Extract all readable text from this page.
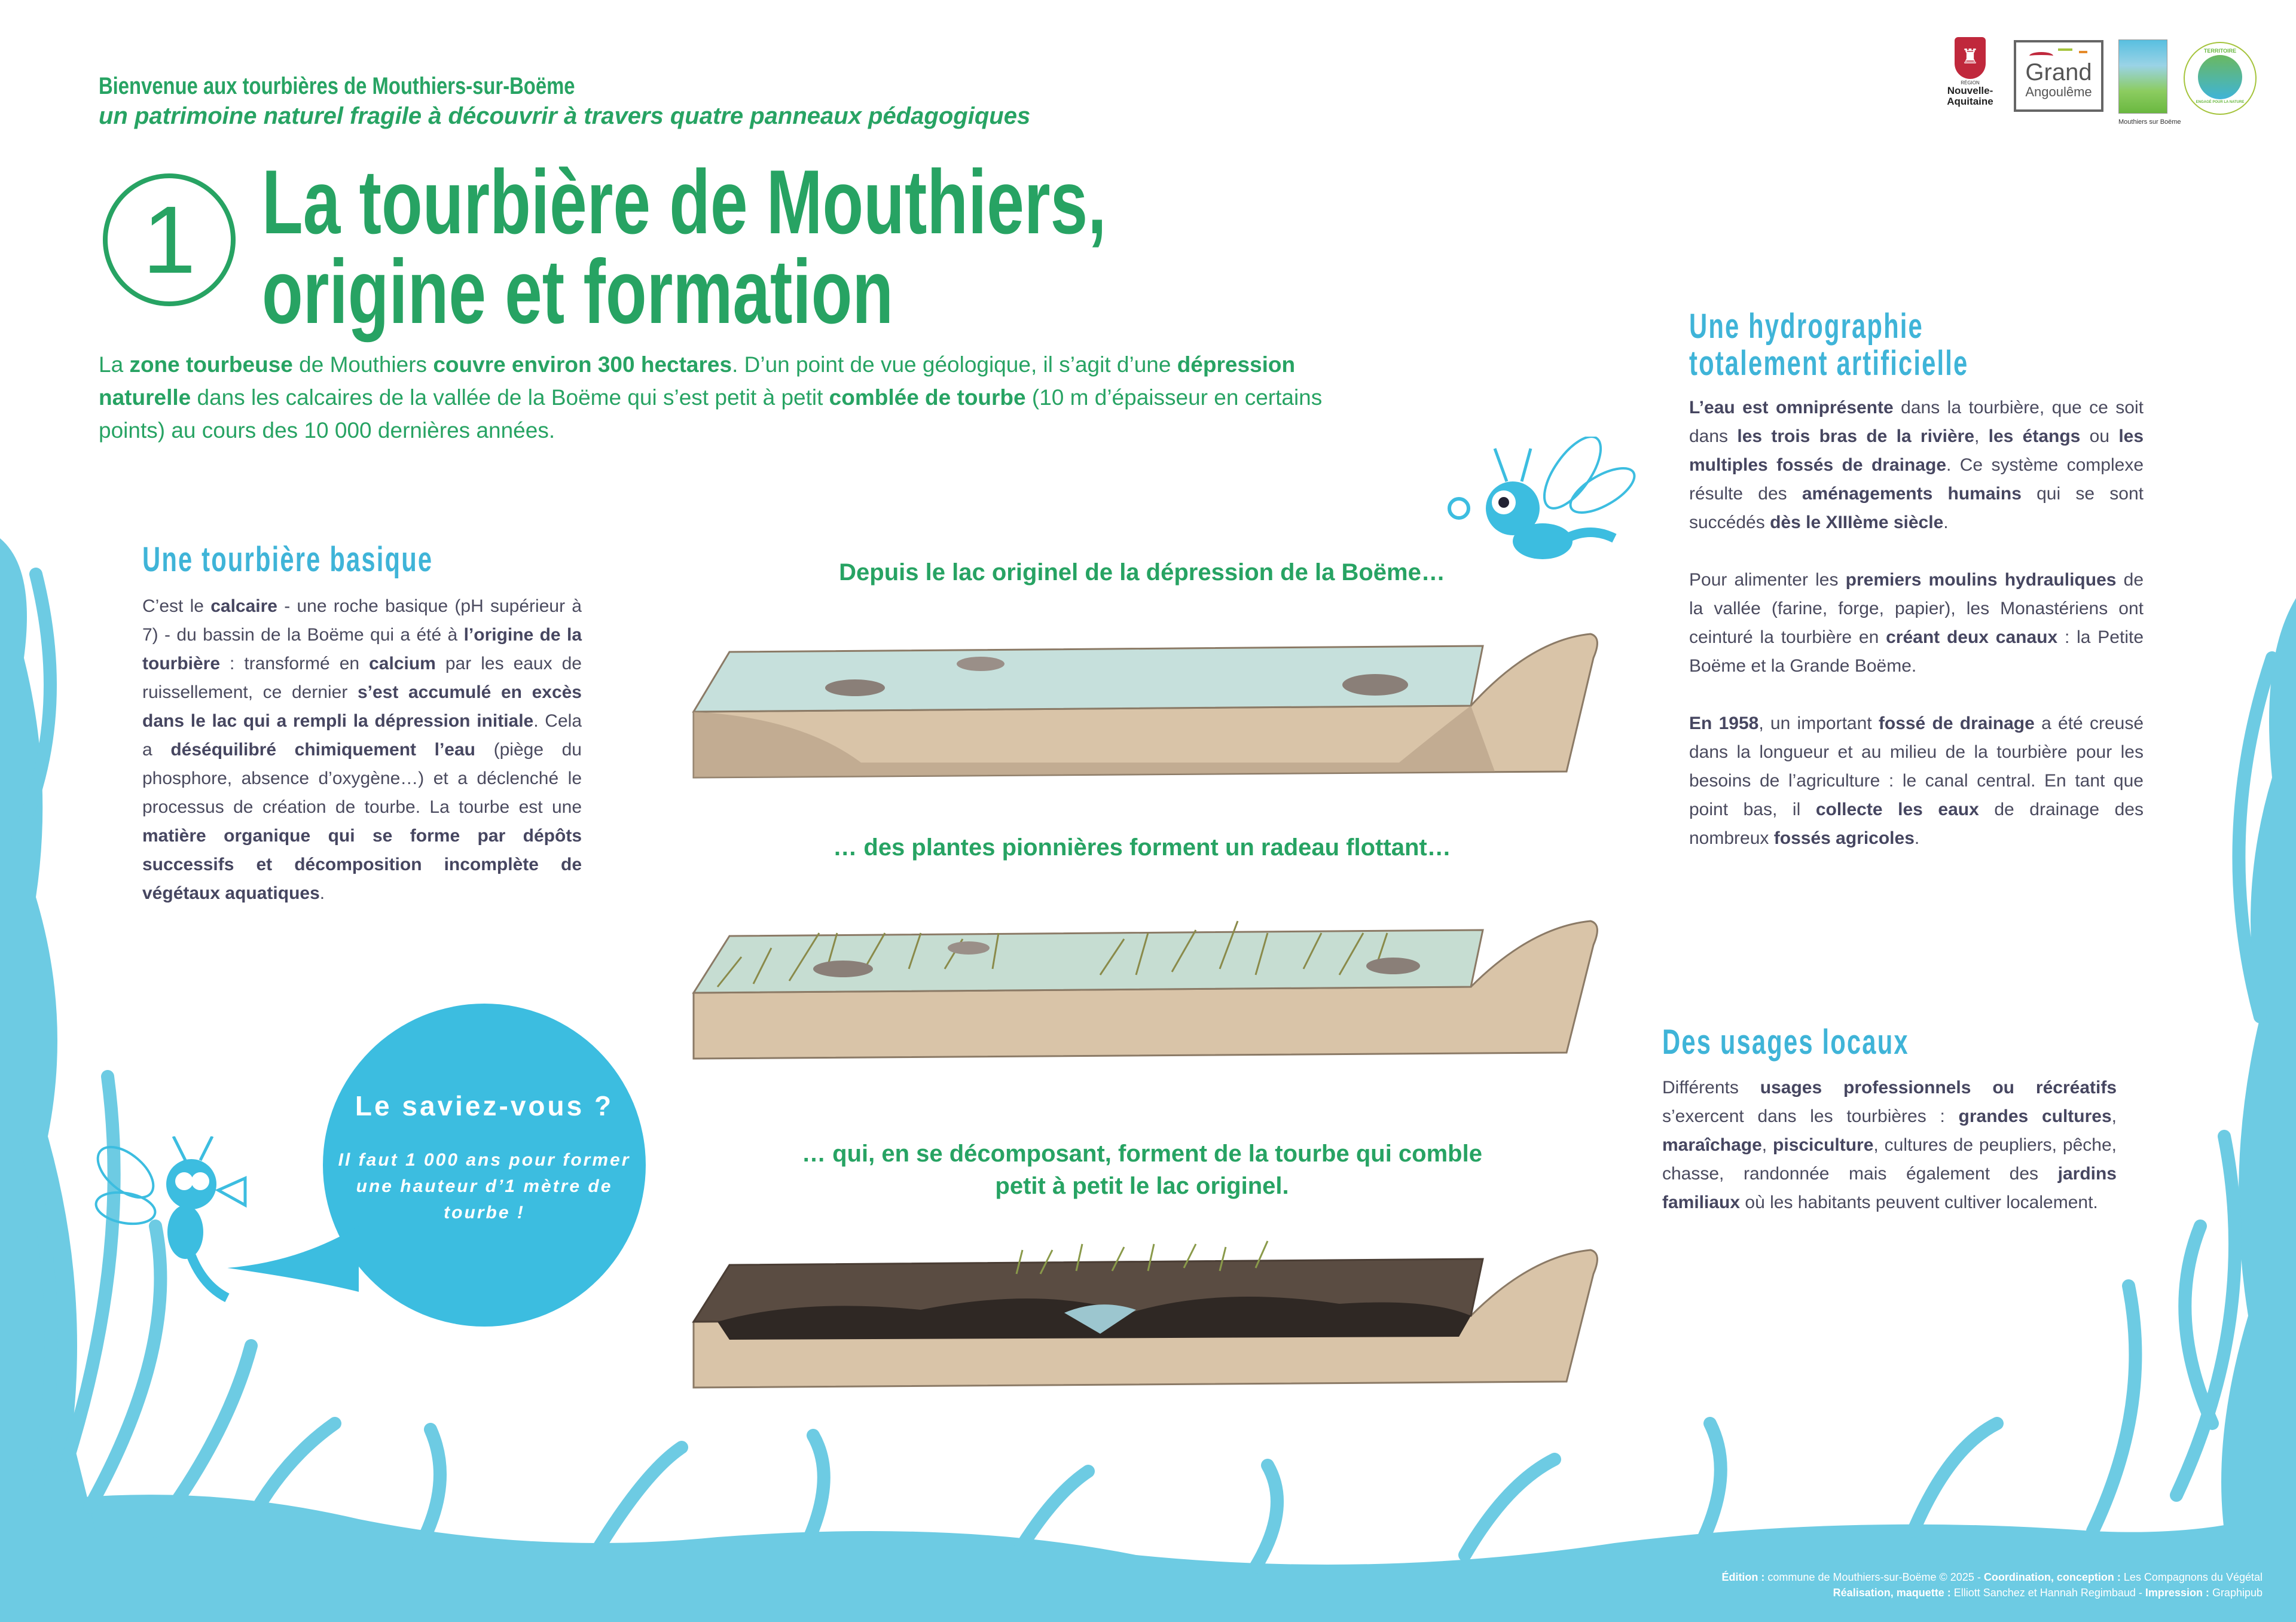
♜
RÉGION
Nouvelle-
Aquitaine
Grand
Angoulême
Mouthiers sur Boëme
TERRITOIRE
ENGAGÉ POUR LA NATURE
Bienvenue aux tourbières de Mouthiers-sur-Boëme
un patrimoine naturel fragile à découvrir à travers quatre panneaux pédagogiques
1 La tourbière de Mouthiers,
origine et formation
La zone tourbeuse de Mouthiers couvre environ 300 hectares. D’un point de vue géologique, il s’agit d’une dépression naturelle dans les calcaires de la vallée de la Boëme qui s’est petit à petit comblée de tourbe (10 m d’épaisseur en certains points) au cours des 10 000 dernières années.
Une tourbière basique
C’est le calcaire - une roche basique (pH supérieur à 7) - du bassin de la Boëme qui a été à l’origine de la tourbière : transformé en calcium par les eaux de ruissellement, ce dernier s’est accumulé en excès dans le lac qui a rempli la dépression initiale. Cela a déséquilibré chimiquement l’eau (piège du phosphore, absence d’oxygène…) et a déclenché le processus de création de tourbe. La tourbe est une matière organique qui se forme par dépôts successifs et décomposition incomplète de végétaux aquatiques.
Depuis le lac originel de la dépression de la Boëme…
… des plantes pionnières forment un radeau flottant…
… qui, en se décomposant, forment de la tourbe qui comble
petit à petit le lac originel.
Le saviez-vous ?
Il faut 1 000 ans pour former une hauteur d’1 mètre de tourbe !
Une hydrographie
totalement artificielle

L’eau est omniprésente dans la tourbière, que ce soit dans les trois bras de la rivière, les étangs ou les multiples fossés de drainage. Ce système complexe résulte des aménagements humains qui se sont succédés dès le XIIIème siècle.

Pour alimenter les premiers moulins hydrauliques de la vallée (farine, forge, papier), les Monastériens ont ceinturé la tourbière en créant deux canaux : la Petite Boëme et la Grande Boëme.

En 1958, un important fossé de drainage a été creusé dans la longueur et au milieu de la tourbière pour les besoins de l’agriculture : le canal central. En tant que point bas, il collecte les eaux de drainage des nombreux fossés agricoles.

Des usages locaux
Différents usages professionnels ou récréatifs s’exercent dans les tourbières : grandes cultures, maraîchage, pisciculture, cultures de peupliers, pêche, chasse, randonnée mais également des jardins familiaux où les habitants peuvent cultiver localement.
Édition : commune de Mouthiers-sur-Boëme © 2025 - Coordination, conception : Les Compagnons du Végétal
Réalisation, maquette : Elliott Sanchez et Hannah Regimbaud - Impression : Graphipub
